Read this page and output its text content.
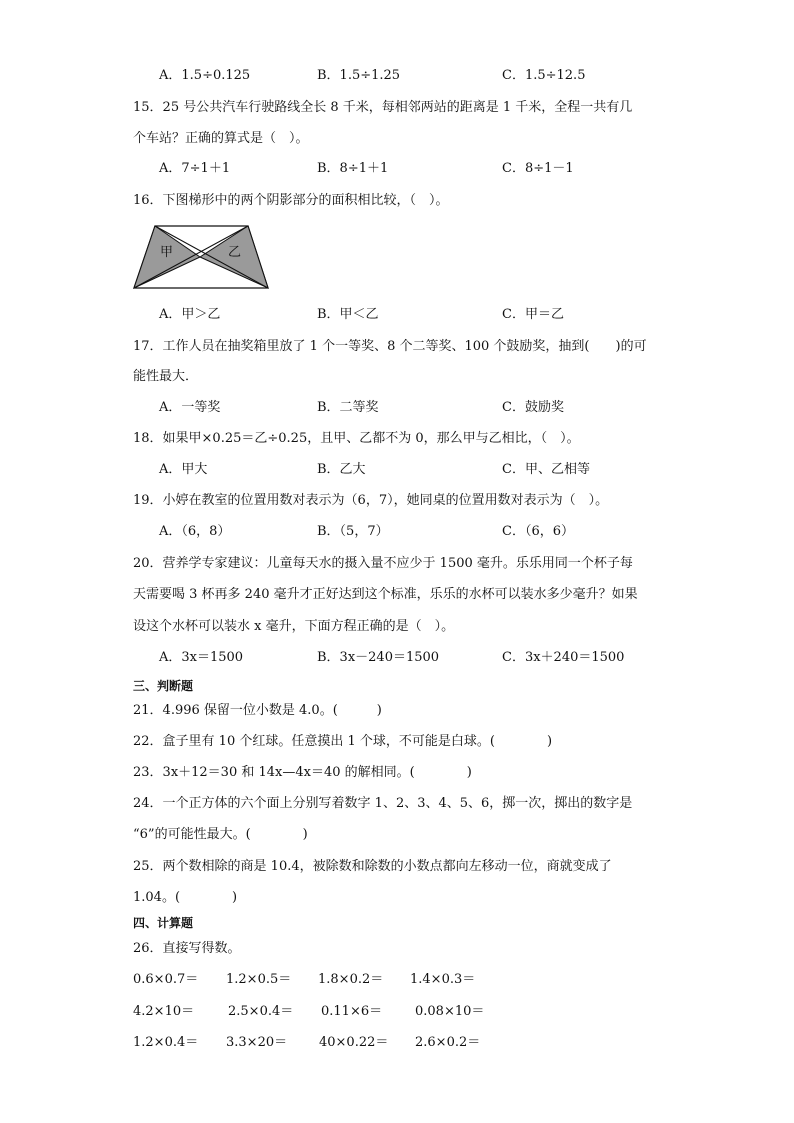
A．1.5÷0.125	B．1.5÷1.25	C．1.5÷12.5
15．25 号公共汽车行驶路线全长 8 千米，每相邻两站的距离是 1 千米，全程一共有几
个车站？正确的算式是（　）。
A．7÷1＋1	B．8÷1＋1	C．8÷1－1
16．下图梯形中的两个阴影部分的面积相比较，（　）。
甲	乙
A．甲＞乙	B．甲＜乙	C．甲＝乙
17．工作人员在抽奖箱里放了 1 个一等奖、8 个二等奖、100 个鼓励奖，抽到(　　)的可
能性最大．
A．一等奖	B．二等奖	C．鼓励奖
18．如果甲×0.25＝乙÷0.25，且甲、乙都不为 0，那么甲与乙相比，（　）。
A．甲大	B．乙大	C．甲、乙相等
19．小婷在教室的位置用数对表示为（6，7），她同桌的位置用数对表示为（　）。
A．（6，8）	B．（5，7）	C．（6，6）
20．营养学专家建议：儿童每天水的摄入量不应少于 1500 毫升。乐乐用同一个杯子每
天需要喝 3 杯再多 240 毫升才正好达到这个标准，乐乐的水杯可以装水多少毫升？如果
设这个水杯可以装水 x 毫升，下面方程正确的是（　）。
A．3x＝1500	B．3x－240＝1500	C．3x＋240＝1500
三、判断题
21．4.996 保留一位小数是 4.0。(　　　)
22．盒子里有 10 个红球。任意摸出 1 个球，不可能是白球。(　　　　)
23．3x＋12＝30 和 14x—4x＝40 的解相同。(　　　　)
24．一个正方体的六个面上分别写着数字 1、2、3、4、5、6，掷一次，掷出的数字是
“6”的可能性最大。(　　　　)
25．两个数相除的商是 10.4，被除数和除数的小数点都向左移动一位，商就变成了
1.04。(　　　　)
四、计算题
26．直接写得数。
0.6×0.7＝ 1.2×0.5＝ 1.8×0.2＝ 1.4×0.3＝
4.2×10＝	2.5×0.4＝ 0.11×6＝	0.08×10＝
1.2×0.4＝ 3.3×20＝ 40×0.22＝ 2.6×0.2＝
